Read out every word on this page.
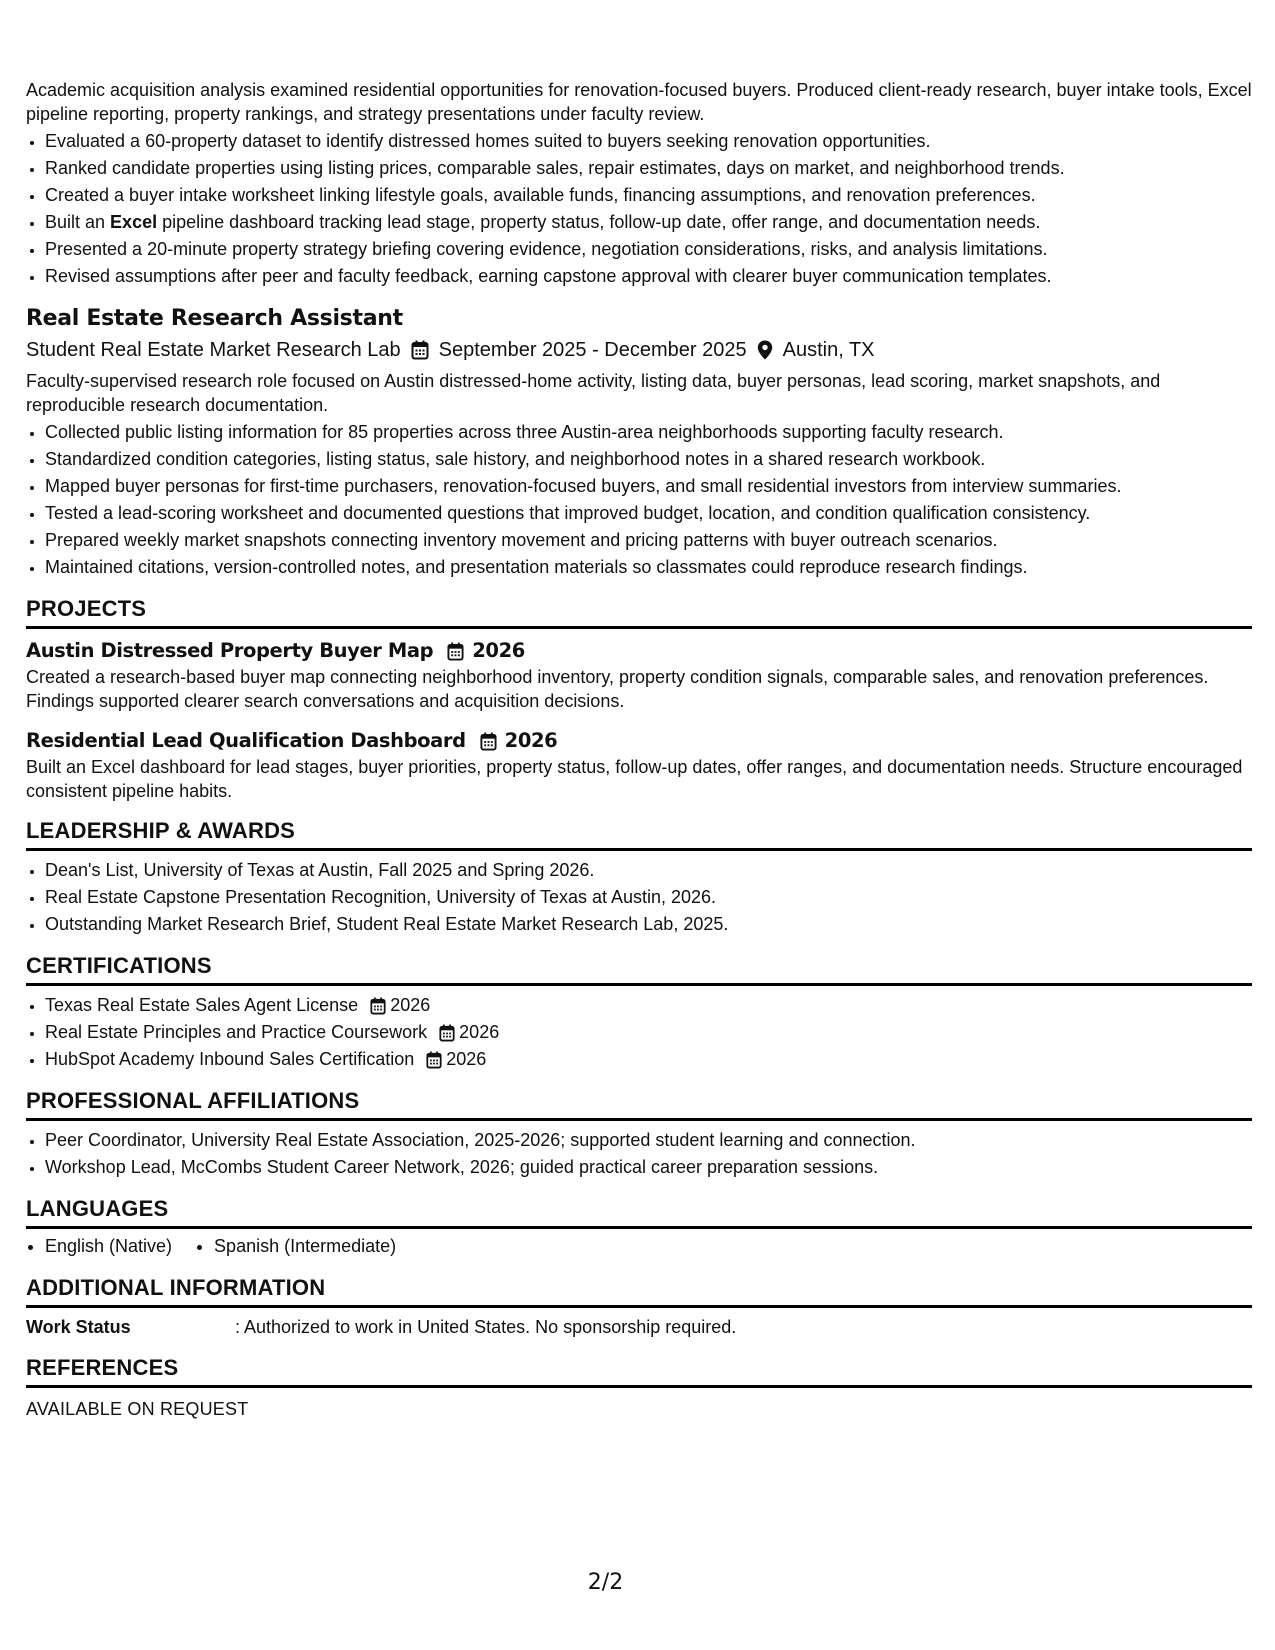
Academic acquisition analysis examined residential opportunities for renovation-focused buyers. Produced client-ready research, buyer intake tools, Excel pipeline reporting, property rankings, and strategy presentations under faculty review.

• Evaluated a 60-property dataset to identify distressed homes suited to buyers seeking renovation opportunities.
• Ranked candidate properties using listing prices, comparable sales, repair estimates, days on market, and neighborhood trends.
• Created a buyer intake worksheet linking lifestyle goals, available funds, financing assumptions, and renovation preferences.
• Built an Excel pipeline dashboard tracking lead stage, property status, follow-up date, offer range, and documentation needs.
• Presented a 20-minute property strategy briefing covering evidence, negotiation considerations, risks, and analysis limitations.
• Revised assumptions after peer and faculty feedback, earning capstone approval with clearer buyer communication templates.
Real Estate Research Assistant
Student Real Estate Market Research Lab September 2025 - December 2025 Austin, TX

Faculty-supervised research role focused on Austin distressed-home activity, listing data, buyer personas, lead scoring, market snapshots, and reproducible research documentation.

• Collected public listing information for 85 properties across three Austin-area neighborhoods supporting faculty research.
• Standardized condition categories, listing status, sale history, and neighborhood notes in a shared research workbook.
• Mapped buyer personas for first-time purchasers, renovation-focused buyers, and small residential investors from interview summaries.
• Tested a lead-scoring worksheet and documented questions that improved budget, location, and condition qualification consistency.
• Prepared weekly market snapshots connecting inventory movement and pricing patterns with buyer outreach scenarios.
• Maintained citations, version-controlled notes, and presentation materials so classmates could reproduce research findings.
PROJECTS
Austin Distressed Property Buyer Map 2026

Created a research-based buyer map connecting neighborhood inventory, property condition signals, comparable sales, and renovation preferences. Findings supported clearer search conversations and acquisition decisions.

Residential Lead Qualification Dashboard 2026

Built an Excel dashboard for lead stages, buyer priorities, property status, follow-up dates, offer ranges, and documentation needs. Structure encouraged consistent pipeline habits.

LEADERSHIP & AWARDS
• Dean's List, University of Texas at Austin, Fall 2025 and Spring 2026.
• Real Estate Capstone Presentation Recognition, University of Texas at Austin, 2026.
• Outstanding Market Research Brief, Student Real Estate Market Research Lab, 2025.
CERTIFICATIONS
• Texas Real Estate Sales Agent License 2026
• Real Estate Principles and Practice Coursework 2026
• HubSpot Academy Inbound Sales Certification 2026
PROFESSIONAL AFFILIATIONS
• Peer Coordinator, University Real Estate Association, 2025-2026; supported student learning and connection.
• Workshop Lead, McCombs Student Career Network, 2026; guided practical career preparation sessions.
LANGUAGES
• English (Native)
• Spanish (Intermediate)
ADDITIONAL INFORMATION
Work Status	: Authorized to work in United States. No sponsorship required.
REFERENCES
AVAILABLE ON REQUEST
2/2
